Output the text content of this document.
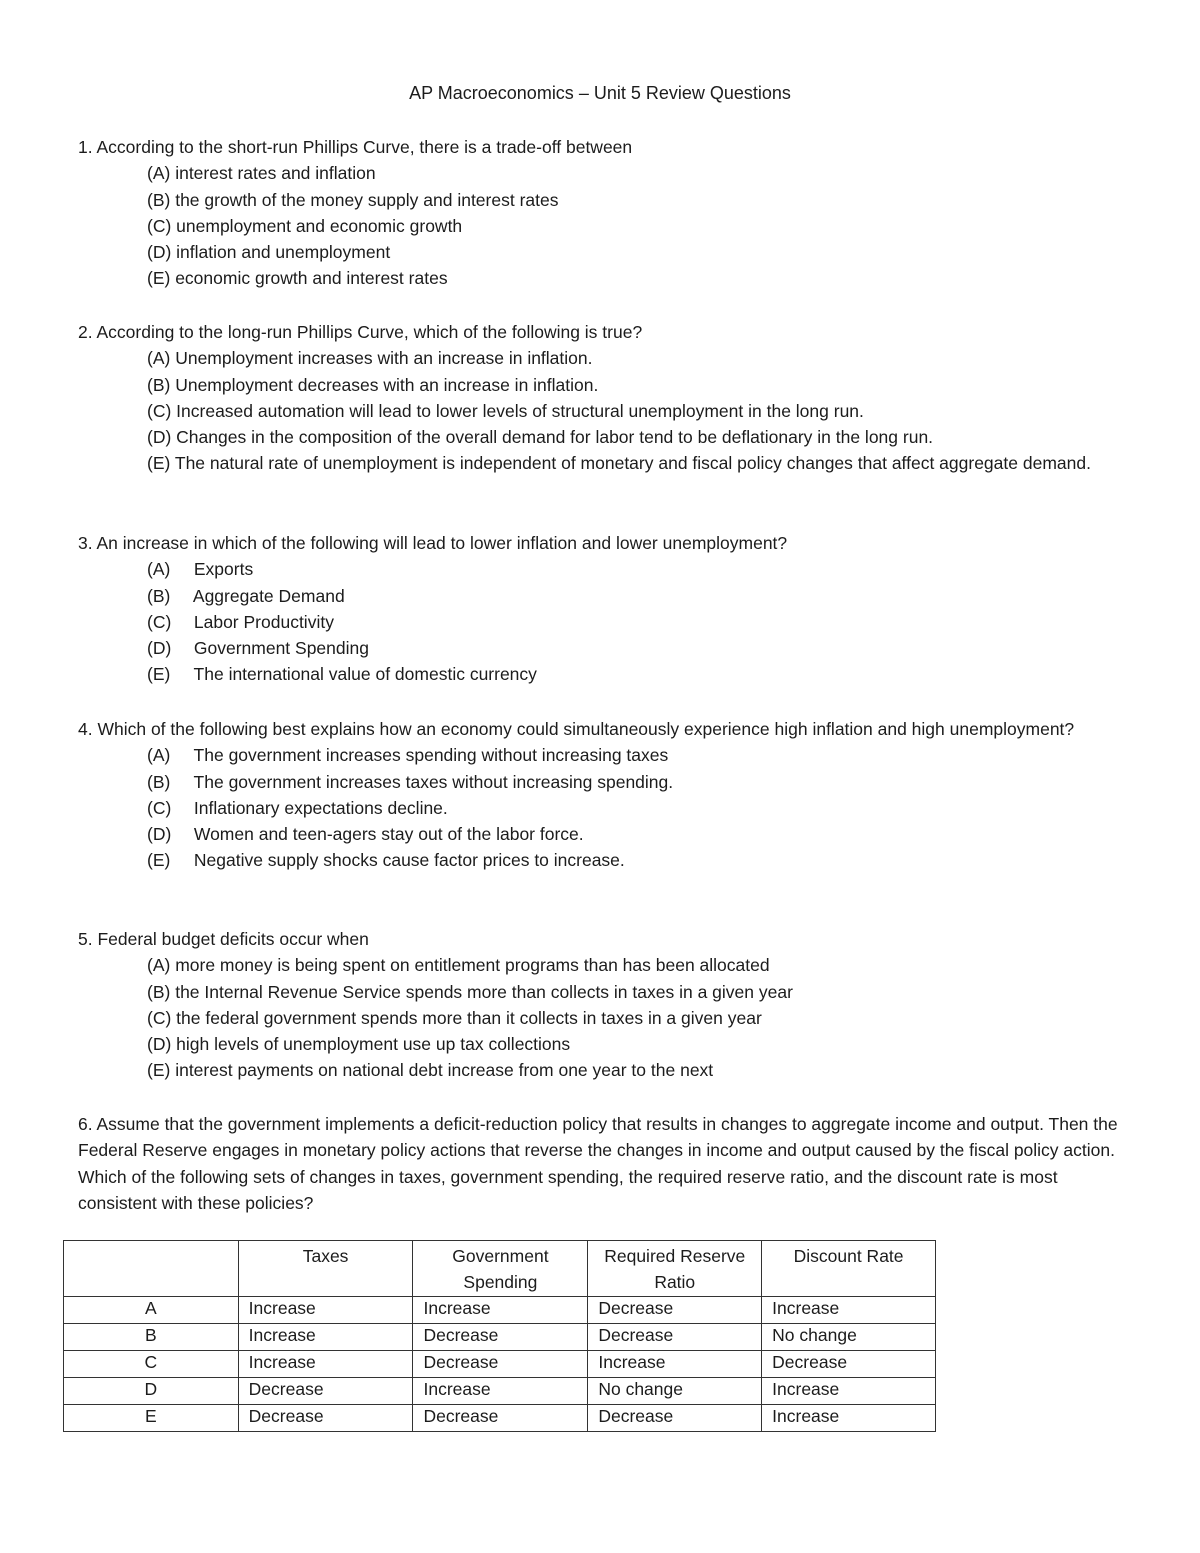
AP Macroeconomics – Unit 5 Review Questions
1. According to the short-run Phillips Curve, there is a trade-off between
(A) interest rates and inflation
(B) the growth of the money supply and interest rates
(C) unemployment and economic growth
(D) inflation and unemployment
(E) economic growth and interest rates
2. According to the long-run Phillips Curve, which of the following is true?
(A) Unemployment increases with an increase in inflation.
(B) Unemployment decreases with an increase in inflation.
(C) Increased automation will lead to lower levels of structural unemployment in the long run.
(D) Changes in the composition of the overall demand for labor tend to be deflationary in the long run.
(E) The natural rate of unemployment is independent of monetary and fiscal policy changes that affect aggregate demand.
3. An increase in which of the following will lead to lower inflation and lower unemployment?
(A) Exports
(B) Aggregate Demand
(C) Labor Productivity
(D) Government Spending
(E) The international value of domestic currency
4. Which of the following best explains how an economy could simultaneously experience high inflation and high unemployment?
(A) The government increases spending without increasing taxes
(B) The government increases taxes without increasing spending.
(C) Inflationary expectations decline.
(D) Women and teen-agers stay out of the labor force.
(E) Negative supply shocks cause factor prices to increase.
5. Federal budget deficits occur when
(A) more money is being spent on entitlement programs than has been allocated
(B) the Internal Revenue Service spends more than collects in taxes in a given year
(C) the federal government spends more than it collects in taxes in a given year
(D) high levels of unemployment use up tax collections
(E) interest payments on national debt increase from one year to the next
6. Assume that the government implements a deficit-reduction policy that results in changes to aggregate income and output. Then the Federal Reserve engages in monetary policy actions that reverse the changes in income and output caused by the fiscal policy action. Which of the following sets of changes in taxes, government spending, the required reserve ratio, and the discount rate is most consistent with these policies?
	Taxes	Government Spending	Required Reserve Ratio	Discount Rate
A	Increase	Increase	Decrease	Increase
B	Increase	Decrease	Decrease	No change
C	Increase	Decrease	Increase	Decrease
D	Decrease	Increase	No change	Increase
E	Decrease	Decrease	Decrease	Increase
